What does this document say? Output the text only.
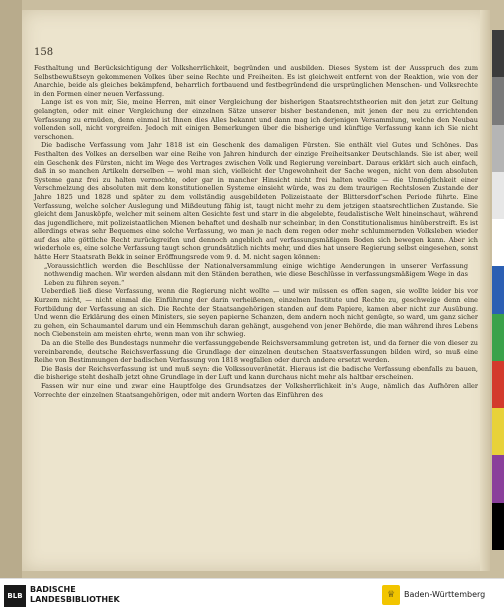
158

Festhaltung und Berücksichtigung der Volksherrlichkeit, begründen und ausbilden. Dieses System ist der Ausspruch des zum Selbstbewußtseyn gekommenen Volkes über seine Rechte und Freiheiten. Es ist gleichweit entfernt von der Reaktion, wie von der Anarchie, beide als gleiches bekämpfend, beharrlich fortbauend und festbegründend die ursprünglichen Menschen- und Volksrechte in den Formen einer neuen Verfassung.

Lange ist es von mir, Sie, meine Herren, mit einer Vergleichung der bisherigen Staatsrechtstheorien mit den jetzt zur Geltung gelangten, oder mit einer Vergleichung der einzelnen Sätze unserer bisher bestandenen, mit jenen der neu zu errichtenden Verfassung zu ermüden, denn einmal ist Ihnen dies Alles bekannt und dann mag ich derjenigen Versammlung, welche den Neubau vollenden soll, nicht vorgreifen. Jedoch mit einigen Bemerkungen über die bisherige und künftige Verfassung kann ich Sie nicht verschonen.

Die badische Verfassung vom Jahr 1818 ist ein Geschenk des damaligen Fürsten. Sie enthält viel Gutes und Schönes. Das Festhalten des Volkes an derselben war eine Reihe von Jahren hindurch der einzige Freiheitsanker Deutschlands. Sie ist aber, weil ein Geschenk des Fürsten, nicht im Wege des Vertrages zwischen Volk und Regierung vereinbart. Daraus erklärt sich auch einfach, daß in so manchen Artikeln derselben — wohl man sich, vielleicht der Ungewohnheit der Sache wegen, nicht von dem absoluten Systeme ganz frei zu halten vermochte, oder gar in mancher Hinsicht nicht frei halten wollte — die Unmöglichkeit einer Verschmelzung des absoluten mit dem konstitutionellen Systeme einsieht würde, was zu dem traurigen Rechtslosen Zustande der Jahre 1825 und 1828 und später zu dem vollständig ausgebildeten Polizeistaate der Blittersdorf'schen Periode führte. Eine Verfassung, welche solcher Auslegung und Mißdeutung fähig ist, taugt nicht mehr zu dem jetzigen staatsrechtlichen Zustande. Sie gleicht dem Janusköpfe, welcher mit seinem alten Gesichte fest und starr in die abgelebte, feudalistische Welt hineinschaut, während das jugendlichere, mit polizeistaatlichen Mienen behaftet und deshalb nur scheinbar, in den Constitutionalismus hinüberstreift. Es ist allerdings etwas sehr Bequemes eine solche Verfassung, wo man je nach dem regen oder mehr schlummernden Volksleben wieder auf das alte göttliche Recht zurückgreifen und dennoch angeblich auf verfassungsmäßigem Boden sich bewegen kann. Aber ich wiederhole es, eine solche Verfassung taugt schon grundsätzlich nichts mehr, und dies hat unsere Regierung selbst eingesehen, sonst hätte Herr Staatsrath Bekk in seiner Eröffnungsrede vom 9. d. M. nicht sagen können:

„Voraussichtlich werden die Beschlüsse der Nationalversammlung einige wichtige Aenderungen in unserer Verfassung nothwendig machen. Wir werden alsdann mit den Ständen berathen, wie diese Beschlüsse in verfassungsmäßigem Wege in das Leben zu führen seyen.“

Ueberdieß ließ diese Verfassung, wenn die Regierung nicht wollte — und wir müssen es offen sagen, sie wollte leider bis vor Kurzem nicht, — nicht einmal die Einführung der darin verheißenen, einzelnen Institute und Rechte zu, geschweige denn eine Fortbildung der Verfassung an sich. Die Rechte der Staatsangehörigen standen auf dem Papiere, kamen aber nicht zur Ausübung. Und wenn die Erklärung des einen Ministers, sie seyen papierne Schanzen, dem andern noch nicht genügte, so ward, um ganz sicher zu gehen, ein Schaumantel darum und ein Hemmschuh daran gehängt, ausgehend von jener Behörde, die man während ihres Lebens noch Ciebenstein am meisten ehrte, wenn man von ihr schwieg.

Da an die Stelle des Bundestags nunmehr die verfassunggebende Reichsversammlung getreten ist, und da ferner die von dieser zu vereinbarende, deutsche Reichsverfassung die Grundlage der einzelnen deutschen Staatsverfassungen bilden wird, so muß eine Reihe von Bestimmungen der badischen Verfassung von 1818 wegfallen oder durch andere ersetzt werden.

Die Basis der Reichsverfassung ist und muß seyn: die Volkssouveränetät. Hieraus ist die badische Verfassung ebenfalls zu bauen, die bisherige steht deshalb jetzt ohne Grundlage in der Luft und kann durchaus nicht mehr als haltbar erscheinen.

Fassen wir nur eine und zwar eine Hauptfolge des Grundsatzes der Volksherrlichkeit in's Auge, nämlich das Aufhören aller Vorrechte der einzelnen Staatsangehörigen, oder mit andern Worten das Einführen des

BLB
BADISCHE
LANDESBIBLIOTHEK	♕	Baden-Württemberg
